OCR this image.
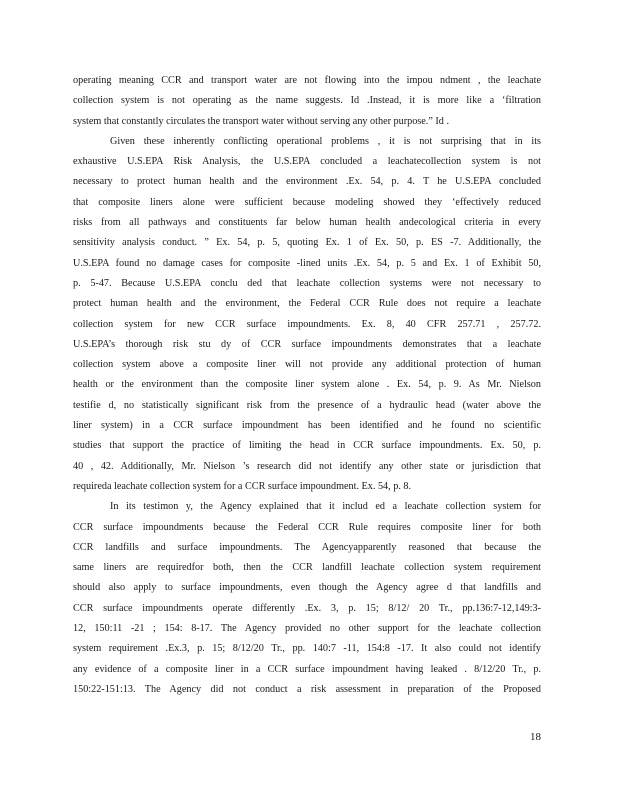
operating meaning CCR and transport water are not flowing into the impou ndment , the leachate
collection system is not operating as the name suggests. Id .Instead, it is more like a ‘filtration
system that constantly circulates the transport water without serving any other purpose.” Id .
Given these inherently conflicting operational problems , it is not surprising that in its
exhaustive U.S.EPA Risk Analysis, the U.S.EPA concluded a leachatecollection system is not
necessary to protect human health and the environment .Ex. 54, p. 4. T he U.S.EPA concluded
that composite liners alone were sufficient because modeling showed they ‘effectively reduced
risks from all pathways and constituents far below human health andecological criteria in every
sensitivity analysis conduct. ” Ex. 54, p. 5, quoting Ex. 1 of Ex. 50, p. ES -7. Additionally, the
U.S.EPA found no damage cases for composite -lined units .Ex. 54, p. 5 and Ex. 1 of Exhibit 50,
p. 5-47. Because U.S.EPA conclu ded that leachate collection systems were not necessary to
protect human health and the environment, the Federal CCR Rule does not require a leachate
collection system for new CCR surface impoundments. Ex. 8, 40 CFR 257.71 , 257.72.
U.S.EPA’s thorough risk stu dy of CCR surface impoundments demonstrates that a leachate
collection system above a composite liner will not provide any additional protection of human
health or the environment than the composite liner system alone . Ex. 54, p. 9. As Mr. Nielson
testifie d, no statistically significant risk from the presence of a hydraulic head (water above the
liner system) in a CCR surface impoundment has been identified and he found no scientific
studies that support the practice of limiting the head in CCR surface impoundments. Ex. 50, p.
40 , 42. Additionally, Mr. Nielson ’s research did not identify any other state or jurisdiction that
requireda leachate collection system for a CCR surface impoundment. Ex. 54, p. 8.
In its testimon y, the Agency explained that it includ ed a leachate collection system for
CCR surface impoundments because the Federal CCR Rule requires composite liner for both
CCR landfills and surface impoundments. The Agencyapparently reasoned that because the
same liners are requiredfor both, then the CCR landfill leachate collection system requirement
should also apply to surface impoundments, even though the Agency agree d that landfills and
CCR surface impoundments operate differently .Ex. 3, p. 15; 8/12/ 20 Tr., pp.136:7-12,149:3-
12, 150:11 -21 ; 154: 8-17. The Agency provided no other support for the leachate collection
system requirement .Ex.3, p. 15; 8/12/20 Tr., pp. 140:7 -11, 154:8 -17. It also could not identify
any evidence of a composite liner in a CCR surface impoundment having leaked . 8/12/20 Tr., p.
150:22-151:13. The Agency did not conduct a risk assessment in preparation of the Proposed
18
